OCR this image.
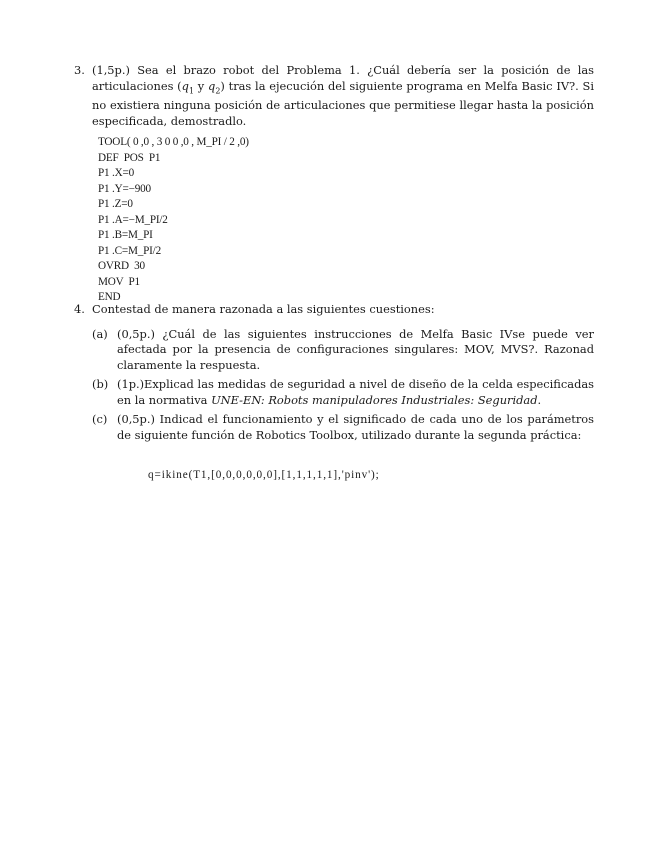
3. (1,5p.) Sea el brazo robot del Problema 1. ¿Cuál debería ser la posición de las articulaciones ($q_1$ y $q_2$) tras la ejecución del siguiente programa en Melfa Basic IV?. Si no existiera ninguna posición de articulaciones que permitiese llegar hasta la posición especificada, demostradlo.
TOOL( 0 ,0 , 3 0 0 ,0 , M_PI / 2 ,0)
DEF  POS  P1
P1 .X=0
P1 .Y=−900
P1 .Z=0
P1 .A=−M_PI/2
P1 .B=M_PI
P1 .C=M_PI/2
OVRD  30
MOV  P1
END
4. Contestad de manera razonada a las siguientes cuestiones:
(a) (0,5p.) ¿Cuál de las siguientes instrucciones de Melfa Basic IVse puede ver afectada por la presencia de configuraciones singulares: MOV, MVS?. Razonad claramente la respuesta.
(b) (1p.)Explicad las medidas de seguridad a nivel de diseño de la celda especificadas en la normativa UNE-EN: Robots manipuladores Industriales: Seguridad.
(c) (0,5p.) Indicad el funcionamiento y el significado de cada uno de los parámetros de siguiente función de Robotics Toolbox, utilizado durante la segunda práctica:
q=ikine(T1,[0,0,0,0,0,0],[1,1,1,1,1],'pinv');
